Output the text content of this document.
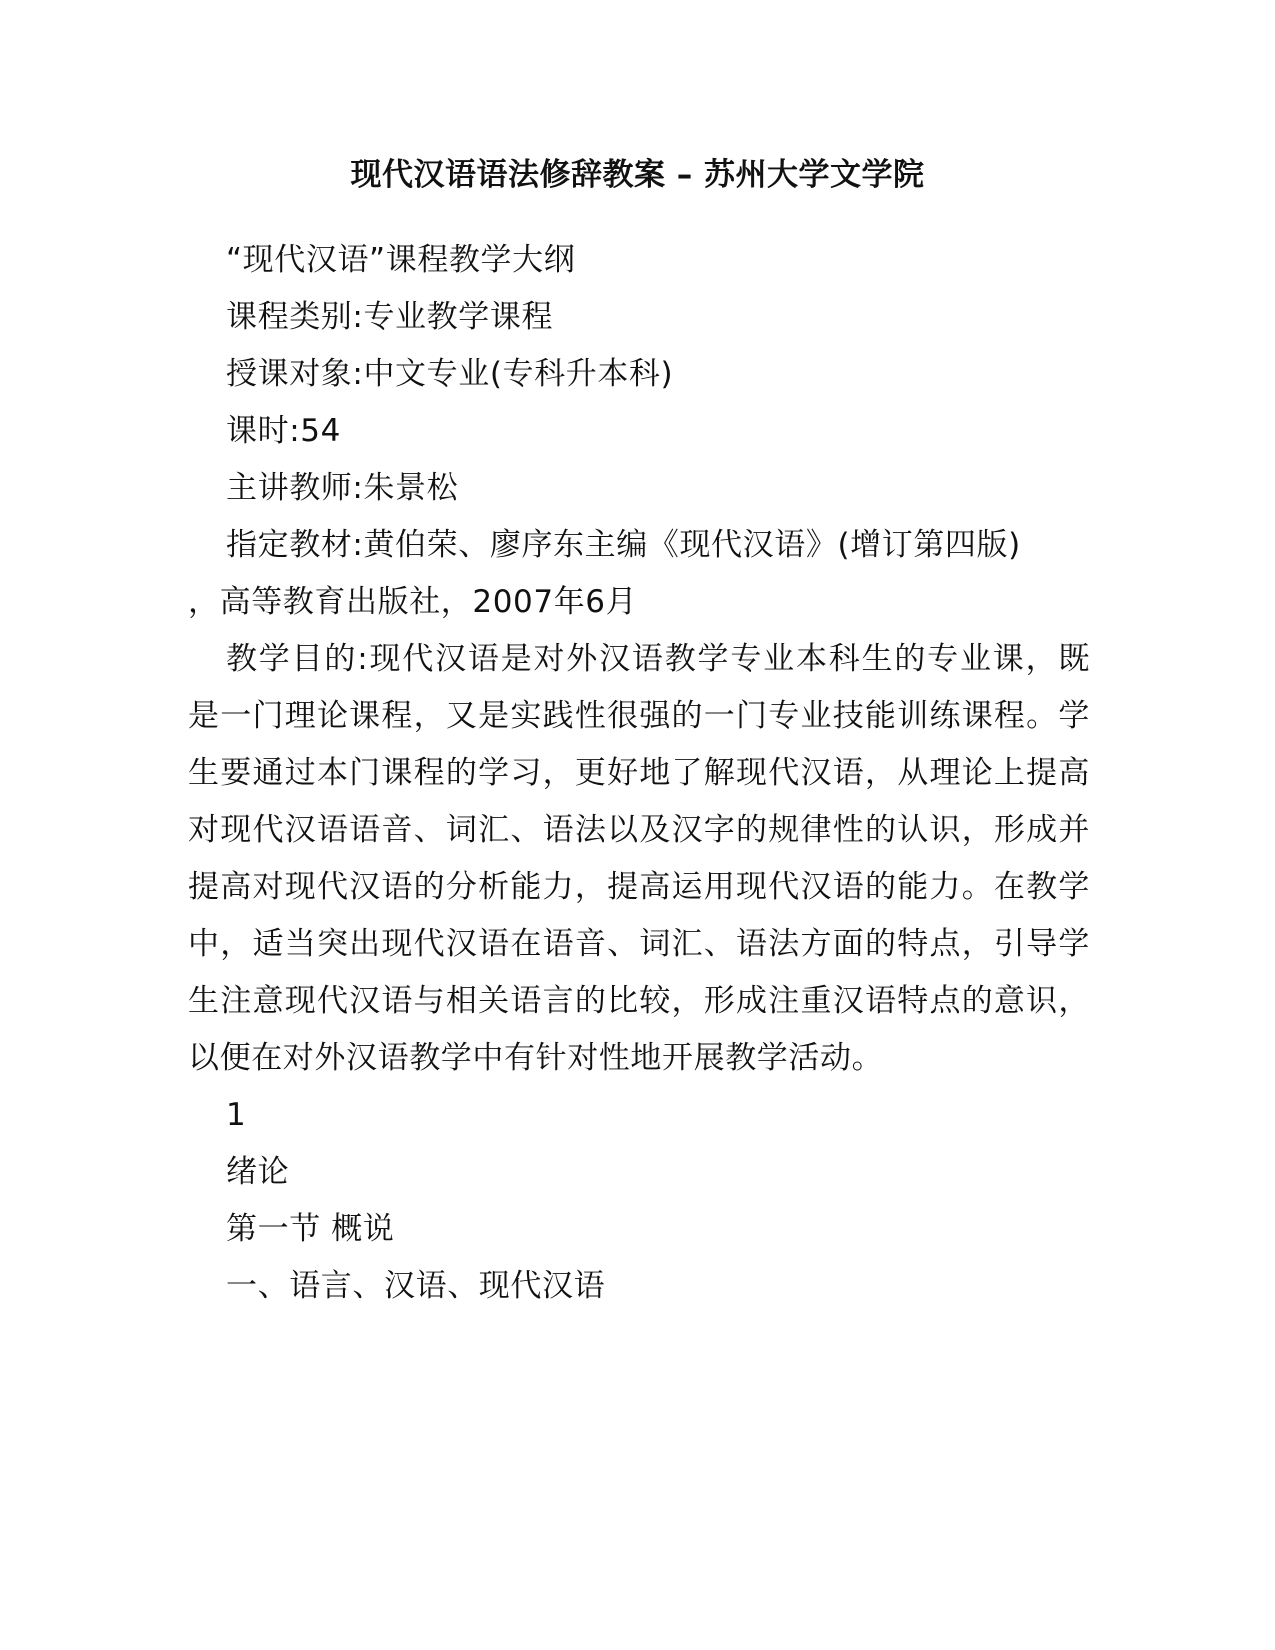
现代汉语语法修辞教案 – 苏州大学文学院

“现代汉语”课程教学大纲

课程类别:专业教学课程

授课对象:中文专业(专科升本科)

课时:54

主讲教师:朱景松

指定教材:黄伯荣、廖序东主编《现代汉语》(增订第四版)

，高等教育出版社，2007年6月

教学目的:现代汉语是对外汉语教学专业本科生的专业课，既是一门理论课程，又是实践性很强的一门专业技能训练课程。学生要通过本门课程的学习，更好地了解现代汉语，从理论上提高对现代汉语语音、词汇、语法以及汉字的规律性的认识，形成并提高对现代汉语的分析能力，提高运用现代汉语的能力。在教学中，适当突出现代汉语在语音、词汇、语法方面的特点，引导学生注意现代汉语与相关语言的比较，形成注重汉语特点的意识，以便在对外汉语教学中有针对性地开展教学活动。

1

绪论

第一节 概说

一、语言、汉语、现代汉语
